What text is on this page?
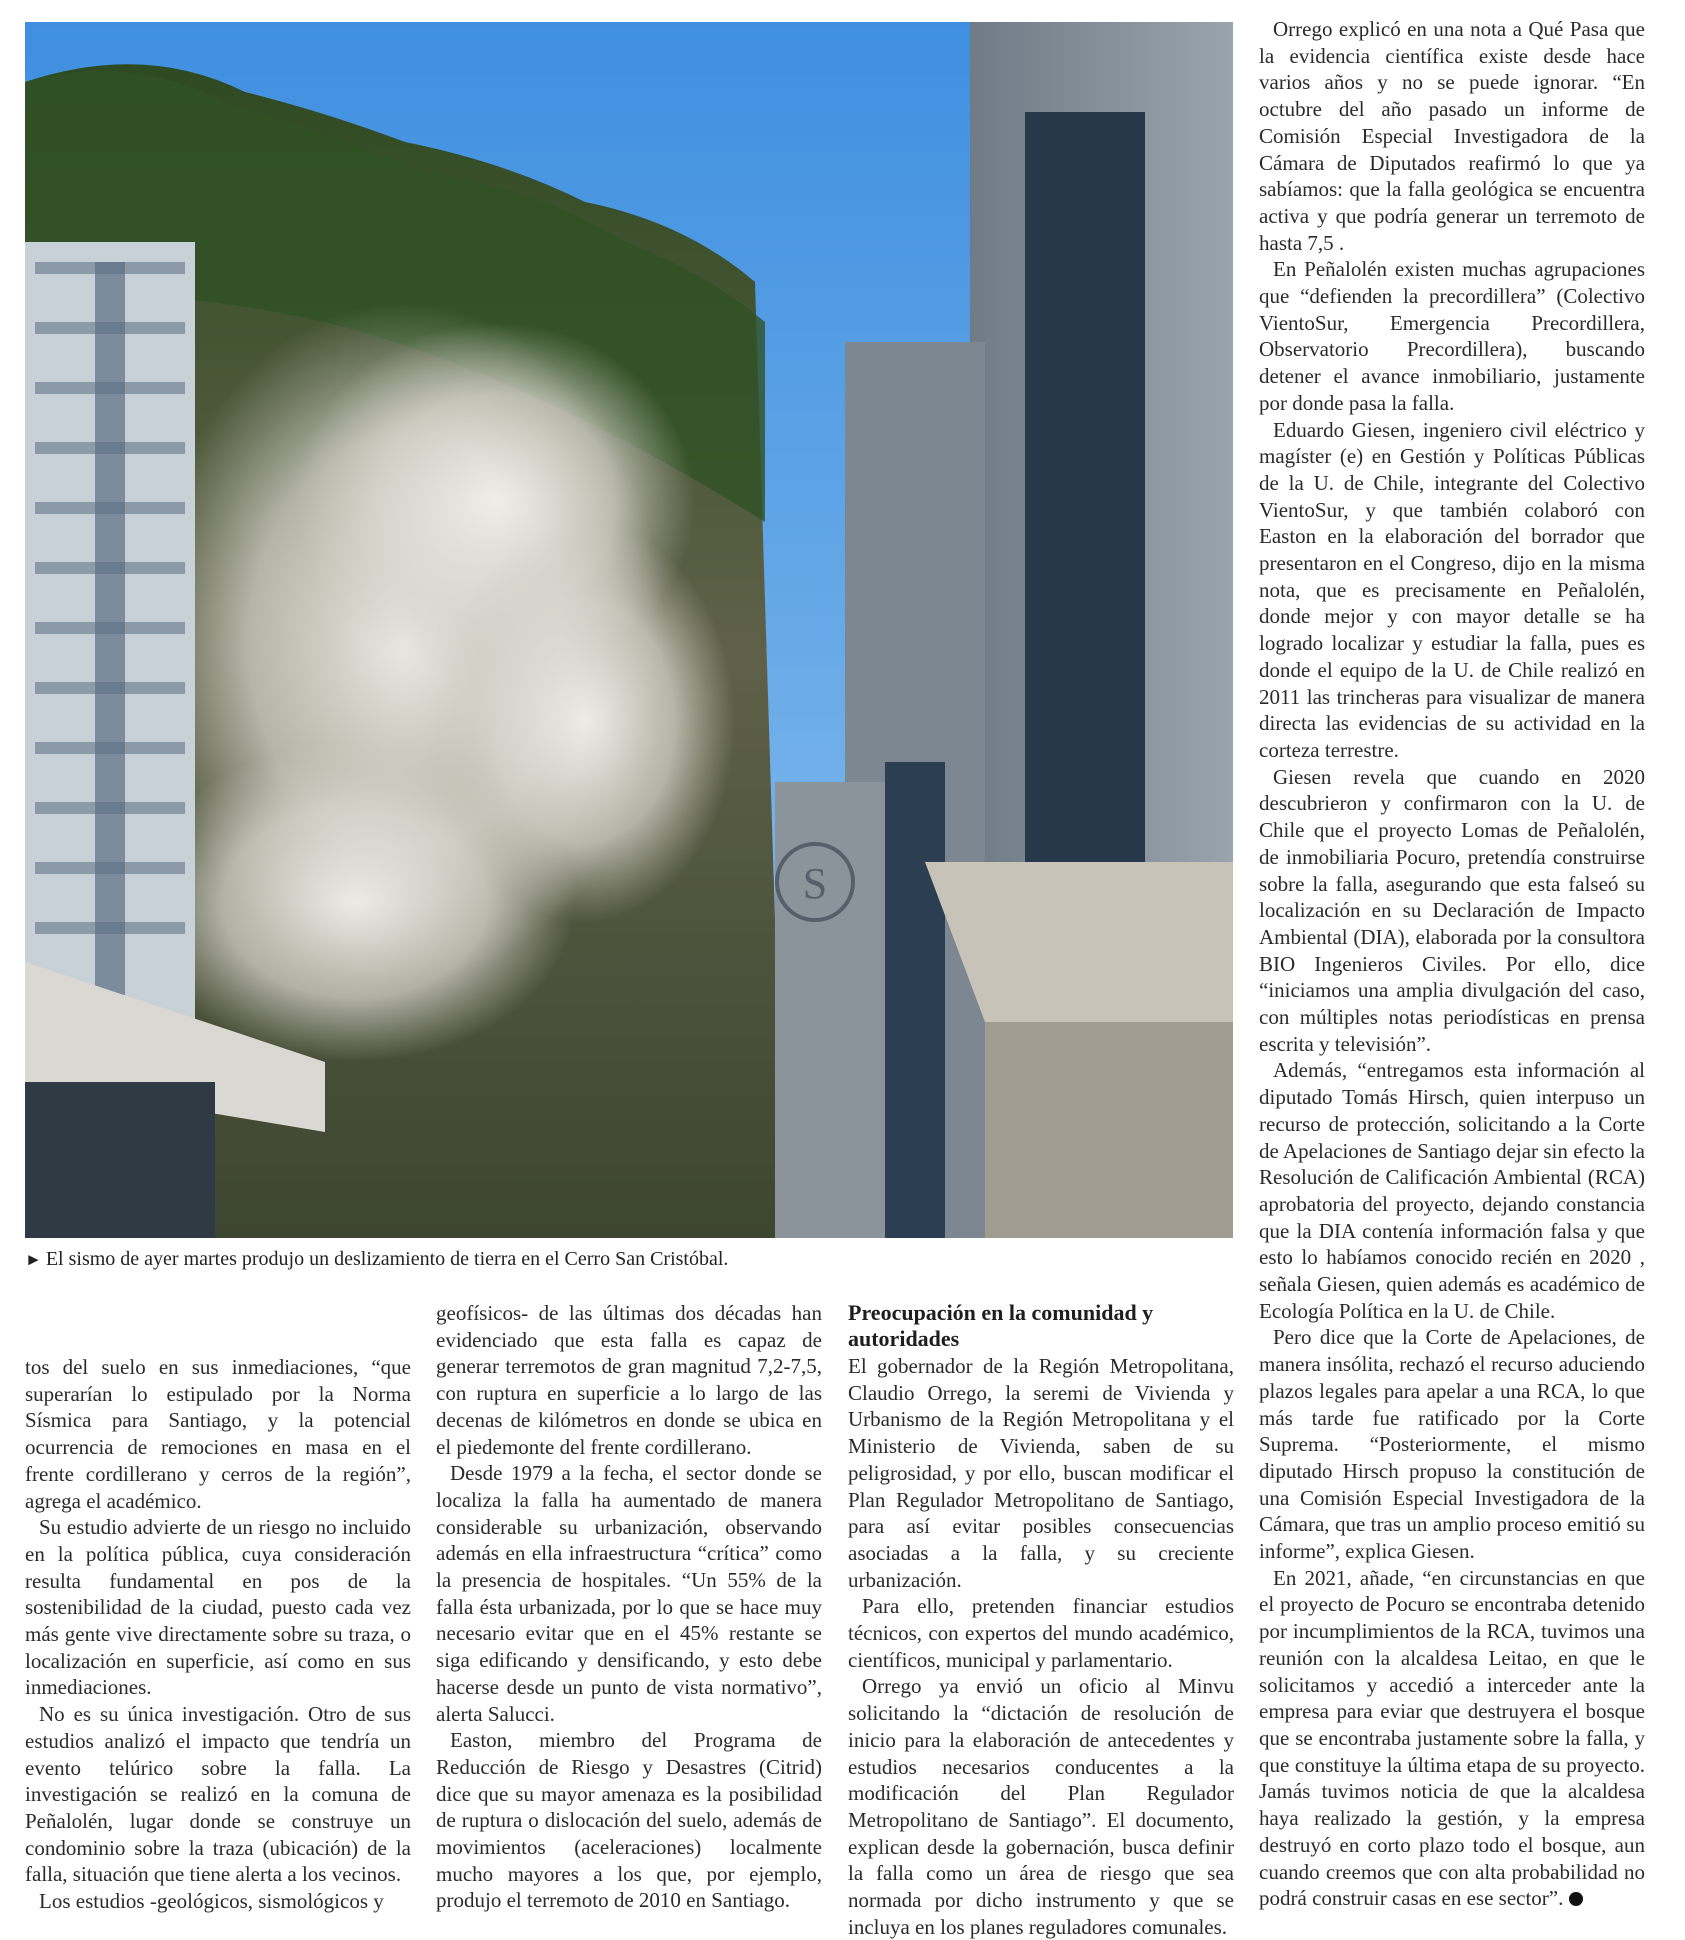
S
► El sismo de ayer martes produjo un deslizamiento de tierra en el Cerro San Cristóbal.

tos del suelo en sus inmediaciones, “que superarían lo estipulado por la Norma Sísmica para Santiago, y la potencial ocurrencia de remociones en masa en el frente cordillerano y cerros de la región”, agrega el académico.

Su estudio advierte de un riesgo no incluido en la política pública, cuya consideración resulta fundamental en pos de la sostenibilidad de la ciudad, puesto cada vez más gente vive directamente sobre su traza, o localización en superficie, así como en sus inmediaciones.

No es su única investigación. Otro de sus estudios analizó el impacto que tendría un evento telúrico sobre la falla. La investigación se realizó en la comuna de Peñalolén, lugar donde se construye un condominio sobre la traza (ubicación) de la falla, situación que tiene alerta a los vecinos.

Los estudios -geológicos, sismológicos y

geofísicos- de las últimas dos décadas han evidenciado que esta falla es capaz de generar terremotos de gran magnitud 7,2-7,5, con ruptura en superficie a lo largo de las decenas de kilómetros en donde se ubica en el piedemonte del frente cordillerano.

Desde 1979 a la fecha, el sector donde se localiza la falla ha aumentado de manera considerable su urbanización, observando además en ella infraestructura “crítica” como la presencia de hospitales. “Un 55% de la falla ésta urbanizada, por lo que se hace muy necesario evitar que en el 45% restante se siga edificando y densificando, y esto debe hacerse desde un punto de vista normativo”, alerta Salucci.

Easton, miembro del Programa de Reducción de Riesgo y Desastres (Citrid) dice que su mayor amenaza es la posibilidad de ruptura o dislocación del suelo, además de movimientos (aceleraciones) localmente mucho mayores a los que, por ejemplo, produjo el terremoto de 2010 en Santiago.

Preocupación en la comunidad y autoridades

El gobernador de la Región Metropolitana, Claudio Orrego, la seremi de Vivienda y Urbanismo de la Región Metropolitana y el Ministerio de Vivienda, saben de su peligrosidad, y por ello, buscan modificar el Plan Regulador Metropolitano de Santiago, para así evitar posibles consecuencias asociadas a la falla, y su creciente urbanización.

Para ello, pretenden financiar estudios técnicos, con expertos del mundo académico, científicos, municipal y parlamentario.

Orrego ya envió un oficio al Minvu solicitando la “dictación de resolución de inicio para la elaboración de antecedentes y estudios necesarios conducentes a la modificación del Plan Regulador Metropolitano de Santiago”. El documento, explican desde la gobernación, busca definir la falla como un área de riesgo que sea normada por dicho instrumento y que se incluya en los planes reguladores comunales.

Orrego explicó en una nota a Qué Pasa que la evidencia científica existe desde hace varios años y no se puede ignorar. “En octubre del año pasado un informe de Comisión Especial Investigadora de la Cámara de Diputados reafirmó lo que ya sabíamos: que la falla geológica se encuentra activa y que podría generar un terremoto de hasta 7,5 .

En Peñalolén existen muchas agrupaciones que “defienden la precordillera” (Colectivo VientoSur, Emergencia Precordillera, Observatorio Precordillera), buscando detener el avance inmobiliario, justamente por donde pasa la falla.

Eduardo Giesen, ingeniero civil eléctrico y magíster (e) en Gestión y Políticas Públicas de la U. de Chile, integrante del Colectivo VientoSur, y que también colaboró con Easton en la elaboración del borrador que presentaron en el Congreso, dijo en la misma nota, que es precisamente en Peñalolén, donde mejor y con mayor detalle se ha logrado localizar y estudiar la falla, pues es donde el equipo de la U. de Chile realizó en 2011 las trincheras para visualizar de manera directa las evidencias de su actividad en la corteza terrestre.

Giesen revela que cuando en 2020 descubrieron y confirmaron con la U. de Chile que el proyecto Lomas de Peñalolén, de inmobiliaria Pocuro, pretendía construirse sobre la falla, asegurando que esta falseó su localización en su Declaración de Impacto Ambiental (DIA), elaborada por la consultora BIO Ingenieros Civiles. Por ello, dice “iniciamos una amplia divulgación del caso, con múltiples notas periodísticas en prensa escrita y televisión”.

Además, “entregamos esta información al diputado Tomás Hirsch, quien interpuso un recurso de protección, solicitando a la Corte de Apelaciones de Santiago dejar sin efecto la Resolución de Calificación Ambiental (RCA) aprobatoria del proyecto, dejando constancia que la DIA contenía información falsa y que esto lo habíamos conocido recién en 2020 , señala Giesen, quien además es académico de Ecología Política en la U. de Chile.

Pero dice que la Corte de Apelaciones, de manera insólita, rechazó el recurso aduciendo plazos legales para apelar a una RCA, lo que más tarde fue ratificado por la Corte Suprema. “Posteriormente, el mismo diputado Hirsch propuso la constitución de una Comisión Especial Investigadora de la Cámara, que tras un amplio proceso emitió su informe”, explica Giesen.

En 2021, añade, “en circunstancias en que el proyecto de Pocuro se encontraba detenido por incumplimientos de la RCA, tuvimos una reunión con la alcaldesa Leitao, en que le solicitamos y accedió a interceder ante la empresa para eviar que destruyera el bosque que se encontraba justamente sobre la falla, y que constituye la última etapa de su proyecto. Jamás tuvimos noticia de que la alcaldesa haya realizado la gestión, y la empresa destruyó en corto plazo todo el bosque, aun cuando creemos que con alta probabilidad no podrá construir casas en ese sector”.
